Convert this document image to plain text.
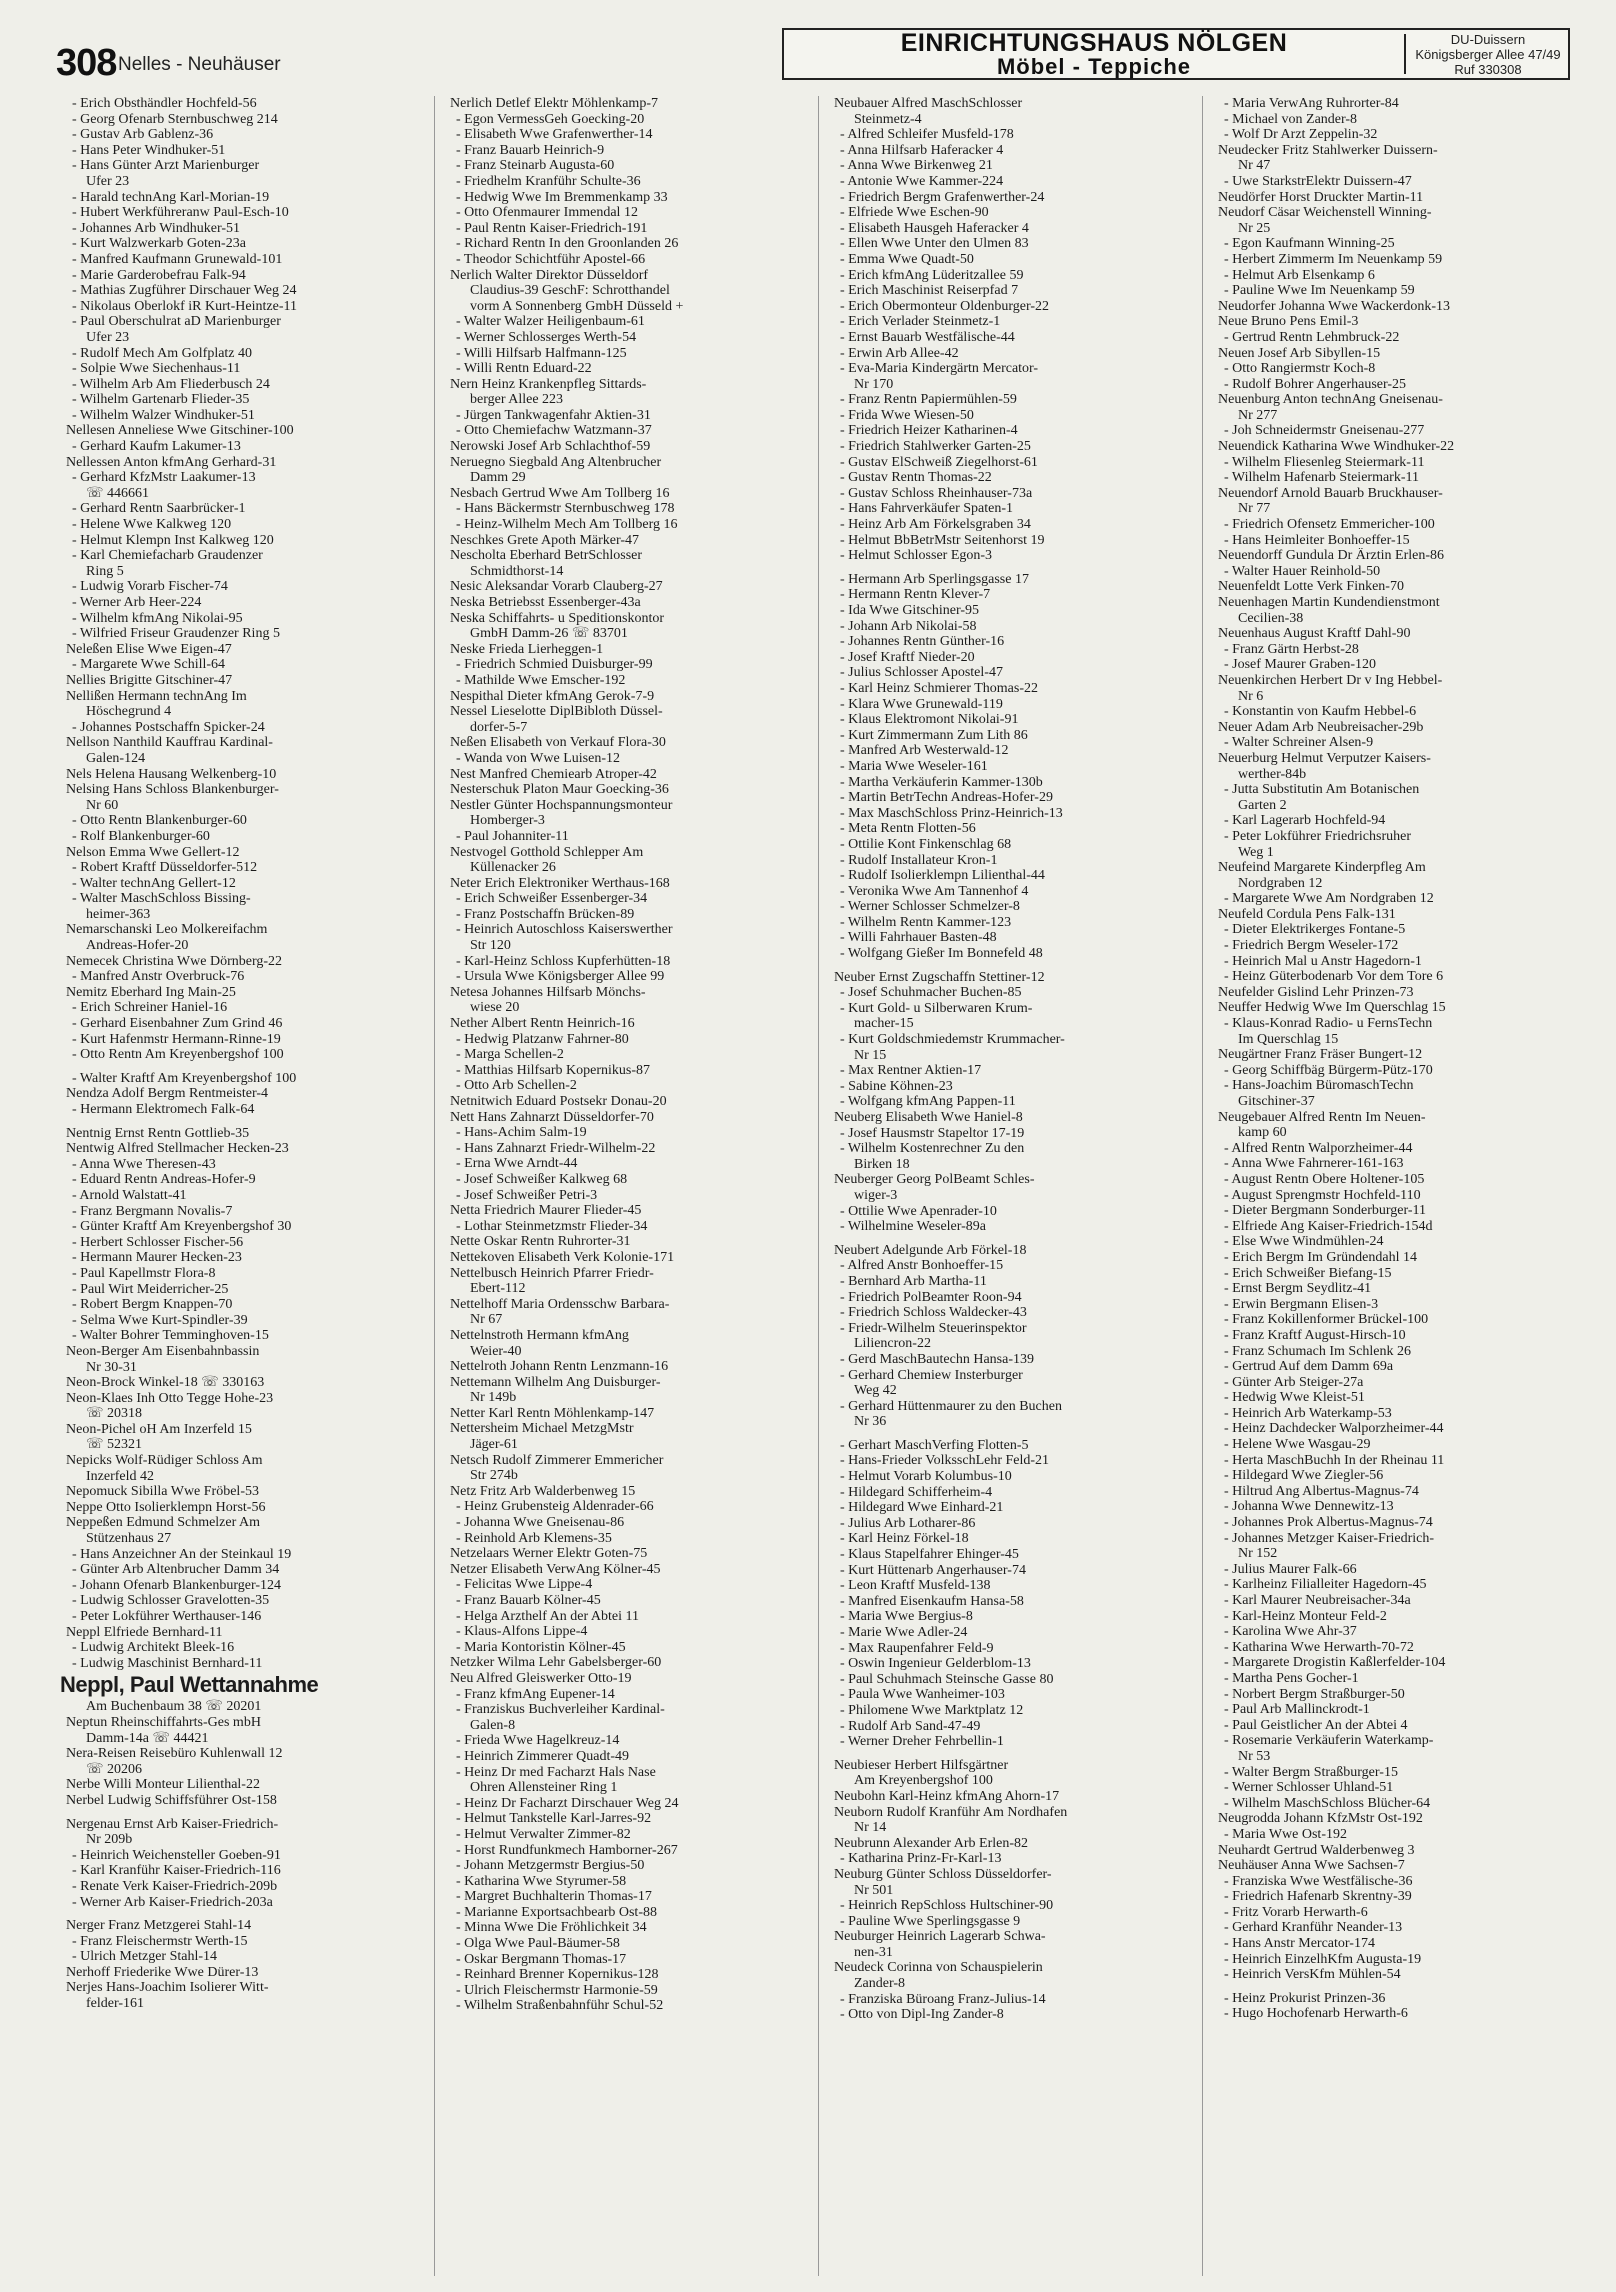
308 Nelles - Neuhäuser
EINRICHTUNGSHAUS NÖLGEN
Möbel - Teppiche
DU-Duissern
Königsberger Allee 47/49
Ruf 330308
- Erich Obsthändler Hochfeld-56
- Georg Ofenarb Sternbuschweg 214
- Gustav Arb Gablenz-36
- Hans Peter Windhuker-51
- Hans Günter Arzt Marienburger
Ufer 23
- Harald technAng Karl-Morian-19
- Hubert Werkführeranw Paul-Esch-10
- Johannes Arb Windhuker-51
- Kurt Walzwerkarb Goten-23a
- Manfred Kaufmann Grunewald-101
- Marie Garderobefrau Falk-94
- Mathias Zugführer Dirschauer Weg 24
- Nikolaus Oberlokf iR Kurt-Heintze-11
- Paul Oberschulrat aD Marienburger
Ufer 23
- Rudolf Mech Am Golfplatz 40
- Solpie Wwe Siechenhaus-11
- Wilhelm Arb Am Fliederbusch 24
- Wilhelm Gartenarb Flieder-35
- Wilhelm Walzer Windhuker-51
Nellesen Anneliese Wwe Gitschiner-100
- Gerhard Kaufm Lakumer-13
Nellessen Anton kfmAng Gerhard-31
- Gerhard KfzMstr Laakumer-13
☏ 446661
- Gerhard Rentn Saarbrücker-1
- Helene Wwe Kalkweg 120
- Helmut Klempn Inst Kalkweg 120
- Karl Chemiefacharb Graudenzer
Ring 5
- Ludwig Vorarb Fischer-74
- Werner Arb Heer-224
- Wilhelm kfmAng Nikolai-95
- Wilfried Friseur Graudenzer Ring 5
Neleßen Elise Wwe Eigen-47
- Margarete Wwe Schill-64
Nellies Brigitte Gitschiner-47
Nellißen Hermann technAng Im
Höschegrund 4
- Johannes Postschaffn Spicker-24
Nellson Nanthild Kauffrau Kardinal-
Galen-124
Nels Helena Hausang Welkenberg-10
Nelsing Hans Schloss Blankenburger-
Nr 60
- Otto Rentn Blankenburger-60
- Rolf Blankenburger-60
Nelson Emma Wwe Gellert-12
- Robert Kraftf Düsseldorfer-512
- Walter technAng Gellert-12
- Walter MaschSchloss Bissing-
heimer-363
Nemarschanski Leo Molkereifachm
Andreas-Hofer-20
Nemecek Christina Wwe Dörnberg-22
- Manfred Anstr Overbruck-76
Nemitz Eberhard Ing Main-25
- Erich Schreiner Haniel-16
- Gerhard Eisenbahner Zum Grind 46
- Kurt Hafenmstr Hermann-Rinne-19
- Otto Rentn Am Kreyenbergshof 100
- Walter Kraftf Am Kreyenbergshof 100
Nendza Adolf Bergm Rentmeister-4
- Hermann Elektromech Falk-64
Nentnig Ernst Rentn Gottlieb-35
Nentwig Alfred Stellmacher Hecken-23
- Anna Wwe Theresen-43
- Eduard Rentn Andreas-Hofer-9
- Arnold Walstatt-41
- Franz Bergmann Novalis-7
- Günter Kraftf Am Kreyenbergshof 30
- Herbert Schlosser Fischer-56
- Hermann Maurer Hecken-23
- Paul Kapellmstr Flora-8
- Paul Wirt Meiderricher-25
- Robert Bergm Knappen-70
- Selma Wwe Kurt-Spindler-39
- Walter Bohrer Temminghoven-15
Neon-Berger Am Eisenbahnbassin
Nr 30-31
Neon-Brock Winkel-18 ☏ 330163
Neon-Klaes Inh Otto Tegge Hohe-23
☏ 20318
Neon-Pichel oH Am Inzerfeld 15
☏ 52321
Nepicks Wolf-Rüdiger Schloss Am
Inzerfeld 42
Nepomuck Sibilla Wwe Fröbel-53
Neppe Otto Isolierklempn Horst-56
Neppeßen Edmund Schmelzer Am
Stützenhaus 27
- Hans Anzeichner An der Steinkaul 19
- Günter Arb Altenbrucher Damm 34
- Johann Ofenarb Blankenburger-124
- Ludwig Schlosser Gravelotten-35
- Peter Lokführer Werthauser-146
Neppl Elfriede Bernhard-11
- Ludwig Architekt Bleek-16
- Ludwig Maschinist Bernhard-11
Neppl, Paul Wettannahme
Am Buchenbaum 38 ☏ 20201
Neptun Rheinschiffahrts-Ges mbH
Damm-14a ☏ 44421
Nera-Reisen Reisebüro Kuhlenwall 12
☏ 20206
Nerbe Willi Monteur Lilienthal-22
Nerbel Ludwig Schiffsführer Ost-158
Nergenau Ernst Arb Kaiser-Friedrich-
Nr 209b
- Heinrich Weichensteller Goeben-91
- Karl Kranführ Kaiser-Friedrich-116
- Renate Verk Kaiser-Friedrich-209b
- Werner Arb Kaiser-Friedrich-203a
Nerger Franz Metzgerei Stahl-14
- Franz Fleischermstr Werth-15
- Ulrich Metzger Stahl-14
Nerhoff Friederike Wwe Dürer-13
Nerjes Hans-Joachim Isolierer Witt-
felder-161
Nerlich Detlef Elektr Möhlenkamp-7
- Egon VermessGeh Goecking-20
- Elisabeth Wwe Grafenwerther-14
- Franz Bauarb Heinrich-9
- Franz Steinarb Augusta-60
- Friedhelm Kranführ Schulte-36
- Hedwig Wwe Im Bremmenkamp 33
- Otto Ofenmaurer Immendal 12
- Paul Rentn Kaiser-Friedrich-191
- Richard Rentn In den Groonlanden 26
- Theodor Schichtführ Apostel-66
Nerlich Walter Direktor Düsseldorf
Claudius-39 GeschF: Schrotthandel
vorm A Sonnenberg GmbH Düsseld +
- Walter Walzer Heiligenbaum-61
- Werner Schlosserges Werth-54
- Willi Hilfsarb Halfmann-125
- Willi Rentn Eduard-22
Nern Heinz Krankenpfleg Sittards-
berger Allee 223
- Jürgen Tankwagenfahr Aktien-31
- Otto Chemiefachw Watzmann-37
Nerowski Josef Arb Schlachthof-59
Neruegno Siegbald Ang Altenbrucher
Damm 29
Nesbach Gertrud Wwe Am Tollberg 16
- Hans Bäckermstr Sternbuschweg 178
- Heinz-Wilhelm Mech Am Tollberg 16
Neschkes Grete Apoth Märker-47
Nescholta Eberhard BetrSchlosser
Schmidthorst-14
Nesic Aleksandar Vorarb Clauberg-27
Neska Betriebsst Essenberger-43a
Neska Schiffahrts- u Speditionskontor
GmbH Damm-26 ☏ 83701
Neske Frieda Lierheggen-1
- Friedrich Schmied Duisburger-99
- Mathilde Wwe Emscher-192
Nespithal Dieter kfmAng Gerok-7-9
Nessel Lieselotte DiplBibloth Düssel-
dorfer-5-7
Neßen Elisabeth von Verkauf Flora-30
- Wanda von Wwe Luisen-12
Nest Manfred Chemiearb Atroper-42
Nesterschuk Platon Maur Goecking-36
Nestler Günter Hochspannungsmonteur
Homberger-3
- Paul Johanniter-11
Nestvogel Gotthold Schlepper Am
Küllenacker 26
Neter Erich Elektroniker Werthaus-168
- Erich Schweißer Essenberger-34
- Franz Postschaffn Brücken-89
- Heinrich Autoschloss Kaiserswerther
Str 120
- Karl-Heinz Schloss Kupferhütten-18
- Ursula Wwe Königsberger Allee 99
Netesa Johannes Hilfsarb Mönchs-
wiese 20
Nether Albert Rentn Heinrich-16
- Hedwig Platzanw Fahrner-80
- Marga Schellen-2
- Matthias Hilfsarb Kopernikus-87
- Otto Arb Schellen-2
Netnitwich Eduard Postsekr Donau-20
Nett Hans Zahnarzt Düsseldorfer-70
- Hans-Achim Salm-19
- Hans Zahnarzt Friedr-Wilhelm-22
- Erna Wwe Arndt-44
- Josef Schweißer Kalkweg 68
- Josef Schweißer Petri-3
Netta Friedrich Maurer Flieder-45
- Lothar Steinmetzmstr Flieder-34
Nette Oskar Rentn Ruhrorter-31
Nettekoven Elisabeth Verk Kolonie-171
Nettelbusch Heinrich Pfarrer Friedr-
Ebert-112
Nettelhoff Maria Ordensschw Barbara-
Nr 67
Nettelnstroth Hermann kfmAng
Weier-40
Nettelroth Johann Rentn Lenzmann-16
Nettemann Wilhelm Ang Duisburger-
Nr 149b
Netter Karl Rentn Möhlenkamp-147
Nettersheim Michael MetzgMstr
Jäger-61
Netsch Rudolf Zimmerer Emmericher
Str 274b
Netz Fritz Arb Walderbenweg 15
- Heinz Grubensteig Aldenrader-66
- Johanna Wwe Gneisenau-86
- Reinhold Arb Klemens-35
Netzelaars Werner Elektr Goten-75
Netzer Elisabeth VerwAng Kölner-45
- Felicitas Wwe Lippe-4
- Franz Bauarb Kölner-45
- Helga Arzthelf An der Abtei 11
- Klaus-Alfons Lippe-4
- Maria Kontoristin Kölner-45
Netzker Wilma Lehr Gabelsberger-60
Neu Alfred Gleiswerker Otto-19
- Franz kfmAng Eupener-14
- Franziskus Buchverleiher Kardinal-
Galen-8
- Frieda Wwe Hagelkreuz-14
- Heinrich Zimmerer Quadt-49
- Heinz Dr med Facharzt Hals Nase
Ohren Allensteiner Ring 1
- Heinz Dr Facharzt Dirschauer Weg 24
- Helmut Tankstelle Karl-Jarres-92
- Helmut Verwalter Zimmer-82
- Horst Rundfunkmech Hamborner-267
- Johann Metzgermstr Bergius-50
- Katharina Wwe Styrumer-58
- Margret Buchhalterin Thomas-17
- Marianne Exportsachbearb Ost-88
- Minna Wwe Die Fröhlichkeit 34
- Olga Wwe Paul-Bäumer-58
- Oskar Bergmann Thomas-17
- Reinhard Brenner Kopernikus-128
- Ulrich Fleischermstr Harmonie-59
- Wilhelm Straßenbahnführ Schul-52
Neubauer Alfred MaschSchlosser
Steinmetz-4
- Alfred Schleifer Musfeld-178
- Anna Hilfsarb Haferacker 4
- Anna Wwe Birkenweg 21
- Antonie Wwe Kammer-224
- Friedrich Bergm Grafenwerther-24
- Elfriede Wwe Eschen-90
- Elisabeth Hausgeh Haferacker 4
- Ellen Wwe Unter den Ulmen 83
- Emma Wwe Quadt-50
- Erich kfmAng Lüderitzallee 59
- Erich Maschinist Reiserpfad 7
- Erich Obermonteur Oldenburger-22
- Erich Verlader Steinmetz-1
- Ernst Bauarb Westfälische-44
- Erwin Arb Allee-42
- Eva-Maria Kindergärtn Mercator-
Nr 170
- Franz Rentn Papiermühlen-59
- Frida Wwe Wiesen-50
- Friedrich Heizer Katharinen-4
- Friedrich Stahlwerker Garten-25
- Gustav ElSchweiß Ziegelhorst-61
- Gustav Rentn Thomas-22
- Gustav Schloss Rheinhauser-73a
- Hans Fahrverkäufer Spaten-1
- Heinz Arb Am Förkelsgraben 34
- Helmut BbBetrMstr Seitenhorst 19
- Helmut Schlosser Egon-3
- Hermann Arb Sperlingsgasse 17
- Hermann Rentn Klever-7
- Ida Wwe Gitschiner-95
- Johann Arb Nikolai-58
- Johannes Rentn Günther-16
- Josef Kraftf Nieder-20
- Julius Schlosser Apostel-47
- Karl Heinz Schmierer Thomas-22
- Klara Wwe Grunewald-119
- Klaus Elektromont Nikolai-91
- Kurt Zimmermann Zum Lith 86
- Manfred Arb Westerwald-12
- Maria Wwe Weseler-161
- Martha Verkäuferin Kammer-130b
- Martin BetrTechn Andreas-Hofer-29
- Max MaschSchloss Prinz-Heinrich-13
- Meta Rentn Flotten-56
- Ottilie Kont Finkenschlag 68
- Rudolf Installateur Kron-1
- Rudolf Isolierklempn Lilienthal-44
- Veronika Wwe Am Tannenhof 4
- Werner Schlosser Schmelzer-8
- Wilhelm Rentn Kammer-123
- Willi Fahrhauer Basten-48
- Wolfgang Gießer Im Bonnefeld 48
Neuber Ernst Zugschaffn Stettiner-12
- Josef Schuhmacher Buchen-85
- Kurt Gold- u Silberwaren Krum-
macher-15
- Kurt Goldschmiedemstr Krummacher-
Nr 15
- Max Rentner Aktien-17
- Sabine Köhnen-23
- Wolfgang kfmAng Pappen-11
Neuberg Elisabeth Wwe Haniel-8
- Josef Hausmstr Stapeltor 17-19
- Wilhelm Kostenrechner Zu den
Birken 18
Neuberger Georg PolBeamt Schles-
wiger-3
- Ottilie Wwe Apenrader-10
- Wilhelmine Weseler-89a
Neubert Adelgunde Arb Förkel-18
- Alfred Anstr Bonhoeffer-15
- Bernhard Arb Martha-11
- Friedrich PolBeamter Roon-94
- Friedrich Schloss Waldecker-43
- Friedr-Wilhelm Steuerinspektor
Liliencron-22
- Gerd MaschBautechn Hansa-139
- Gerhard Chemiew Insterburger
Weg 42
- Gerhard Hüttenmaurer zu den Buchen
Nr 36
- Gerhart MaschVerfing Flotten-5
- Hans-Frieder VolksschLehr Feld-21
- Helmut Vorarb Kolumbus-10
- Hildegard Schifferheim-4
- Hildegard Wwe Einhard-21
- Julius Arb Lotharer-86
- Karl Heinz Förkel-18
- Klaus Stapelfahrer Ehinger-45
- Kurt Hüttenarb Angerhauser-74
- Leon Kraftf Musfeld-138
- Manfred Eisenkaufm Hansa-58
- Maria Wwe Bergius-8
- Marie Wwe Adler-24
- Max Raupenfahrer Feld-9
- Oswin Ingenieur Gelderblom-13
- Paul Schuhmach Steinsche Gasse 80
- Paula Wwe Wanheimer-103
- Philomene Wwe Marktplatz 12
- Rudolf Arb Sand-47-49
- Werner Dreher Fehrbellin-1
Neubieser Herbert Hilfsgärtner
Am Kreyenbergshof 100
Neubohn Karl-Heinz kfmAng Ahorn-17
Neuborn Rudolf Kranführ Am Nordhafen
Nr 14
Neubrunn Alexander Arb Erlen-82
- Katharina Prinz-Fr-Karl-13
Neuburg Günter Schloss Düsseldorfer-
Nr 501
- Heinrich RepSchloss Hultschiner-90
- Pauline Wwe Sperlingsgasse 9
Neuburger Heinrich Lagerarb Schwa-
nen-31
Neudeck Corinna von Schauspielerin
Zander-8
- Franziska Büroang Franz-Julius-14
- Otto von Dipl-Ing Zander-8
- Maria VerwAng Ruhrorter-84
- Michael von Zander-8
- Wolf Dr Arzt Zeppelin-32
Neudecker Fritz Stahlwerker Duissern-
Nr 47
- Uwe StarkstrElektr Duissern-47
Neudörfer Horst Druckter Martin-11
Neudorf Cäsar Weichenstell Winning-
Nr 25
- Egon Kaufmann Winning-25
- Herbert Zimmerm Im Neuenkamp 59
- Helmut Arb Elsenkamp 6
- Pauline Wwe Im Neuenkamp 59
Neudorfer Johanna Wwe Wackerdonk-13
Neue Bruno Pens Emil-3
- Gertrud Rentn Lehmbruck-22
Neuen Josef Arb Sibyllen-15
- Otto Rangiermstr Koch-8
- Rudolf Bohrer Angerhauser-25
Neuenburg Anton technAng Gneisenau-
Nr 277
- Joh Schneidermstr Gneisenau-277
Neuendick Katharina Wwe Windhuker-22
- Wilhelm Fliesenleg Steiermark-11
- Wilhelm Hafenarb Steiermark-11
Neuendorf Arnold Bauarb Bruckhauser-
Nr 77
- Friedrich Ofensetz Emmericher-100
- Hans Heimleiter Bonhoeffer-15
Neuendorff Gundula Dr Ärztin Erlen-86
- Walter Hauer Reinhold-50
Neuenfeldt Lotte Verk Finken-70
Neuenhagen Martin Kundendienstmont
Cecilien-38
Neuenhaus August Kraftf Dahl-90
- Franz Gärtn Herbst-28
- Josef Maurer Graben-120
Neuenkirchen Herbert Dr v Ing Hebbel-
Nr 6
- Konstantin von Kaufm Hebbel-6
Neuer Adam Arb Neubreisacher-29b
- Walter Schreiner Alsen-9
Neuerburg Helmut Verputzer Kaisers-
werther-84b
- Jutta Substitutin Am Botanischen
Garten 2
- Karl Lagerarb Hochfeld-94
- Peter Lokführer Friedrichsruher
Weg 1
Neufeind Margarete Kinderpfleg Am
Nordgraben 12
- Margarete Wwe Am Nordgraben 12
Neufeld Cordula Pens Falk-131
- Dieter Elektrikerges Fontane-5
- Friedrich Bergm Weseler-172
- Heinrich Mal u Anstr Hagedorn-1
- Heinz Güterbodenarb Vor dem Tore 6
Neufelder Gislind Lehr Prinzen-73
Neuffer Hedwig Wwe Im Querschlag 15
- Klaus-Konrad Radio- u FernsTechn
Im Querschlag 15
Neugärtner Franz Fräser Bungert-12
- Georg Schiffbäg Bürgerm-Pütz-170
- Hans-Joachim BüromaschTechn
Gitschiner-37
Neugebauer Alfred Rentn Im Neuen-
kamp 60
- Alfred Rentn Walporzheimer-44
- Anna Wwe Fahrnerer-161-163
- August Rentn Obere Holtener-105
- August Sprengmstr Hochfeld-110
- Dieter Bergmann Sonderburger-11
- Elfriede Ang Kaiser-Friedrich-154d
- Else Wwe Windmühlen-24
- Erich Bergm Im Gründendahl 14
- Erich Schweißer Biefang-15
- Ernst Bergm Seydlitz-41
- Erwin Bergmann Elisen-3
- Franz Kokillenformer Brückel-100
- Franz Kraftf August-Hirsch-10
- Franz Schumach Im Schlenk 26
- Gertrud Auf dem Damm 69a
- Günter Arb Steiger-27a
- Hedwig Wwe Kleist-51
- Heinrich Arb Waterkamp-53
- Heinz Dachdecker Walporzheimer-44
- Helene Wwe Wasgau-29
- Herta MaschBuchh In der Rheinau 11
- Hildegard Wwe Ziegler-56
- Hiltrud Ang Albertus-Magnus-74
- Johanna Wwe Dennewitz-13
- Johannes Prok Albertus-Magnus-74
- Johannes Metzger Kaiser-Friedrich-
Nr 152
- Julius Maurer Falk-66
- Karlheinz Filialleiter Hagedorn-45
- Karl Maurer Neubreisacher-34a
- Karl-Heinz Monteur Feld-2
- Karolina Wwe Ahr-37
- Katharina Wwe Herwarth-70-72
- Margarete Drogistin Kaßlerfelder-104
- Martha Pens Gocher-1
- Norbert Bergm Straßburger-50
- Paul Arb Mallinckrodt-1
- Paul Geistlicher An der Abtei 4
- Rosemarie Verkäuferin Waterkamp-
Nr 53
- Walter Bergm Straßburger-15
- Werner Schlosser Uhland-51
- Wilhelm MaschSchloss Blücher-64
Neugrodda Johann KfzMstr Ost-192
- Maria Wwe Ost-192
Neuhardt Gertrud Walderbenweg 3
Neuhäuser Anna Wwe Sachsen-7
- Franziska Wwe Westfälische-36
- Friedrich Hafenarb Skrentny-39
- Fritz Vorarb Herwarth-6
- Gerhard Kranführ Neander-13
- Hans Anstr Mercator-174
- Heinrich EinzelhKfm Augusta-19
- Heinrich VersKfm Mühlen-54
- Heinz Prokurist Prinzen-36
- Hugo Hochofenarb Herwarth-6
